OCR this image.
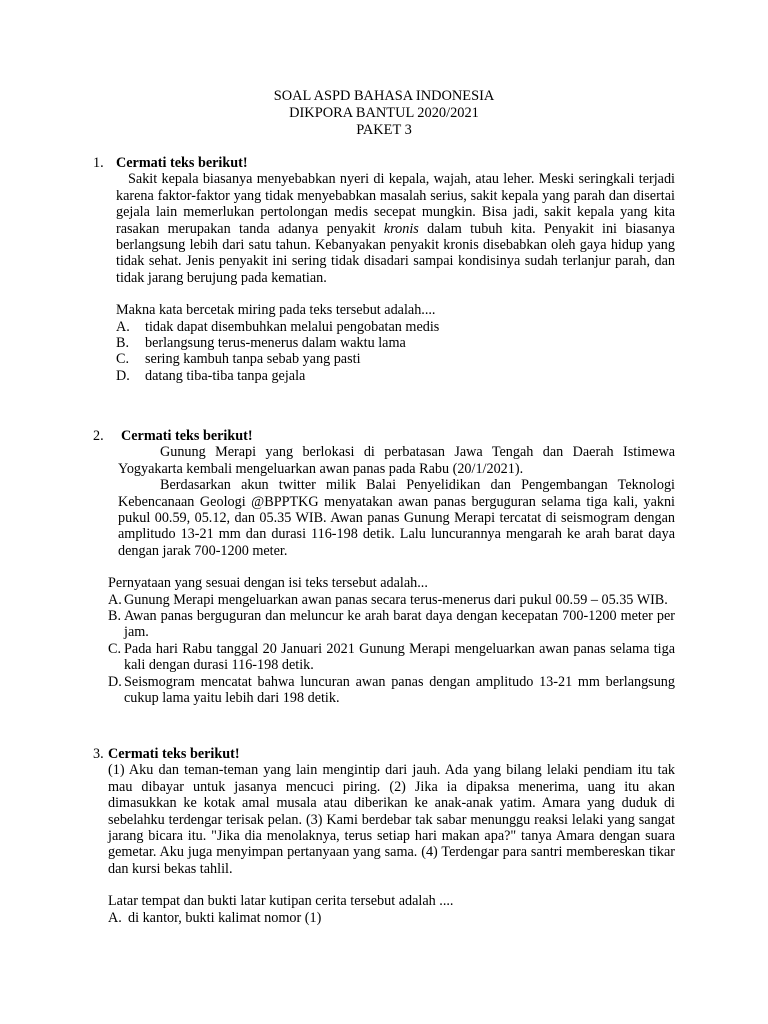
SOAL ASPD BAHASA INDONESIA
DIKPORA BANTUL 2020/2021
PAKET 3
1. Cermati teks berikut!

Sakit kepala biasanya menyebabkan nyeri di kepala, wajah, atau leher. Meski seringkali terjadi karena faktor-faktor yang tidak menyebabkan masalah serius, sakit kepala yang parah dan disertai gejala lain memerlukan pertolongan medis secepat mungkin. Bisa jadi, sakit kepala yang kita rasakan merupakan tanda adanya penyakit kronis dalam tubuh kita. Penyakit ini biasanya berlangsung lebih dari satu tahun. Kebanyakan penyakit kronis disebabkan oleh gaya hidup yang tidak sehat. Jenis penyakit ini sering tidak disadari sampai kondisinya sudah terlanjur parah, dan tidak jarang berujung pada kematian.

Makna kata bercetak miring pada teks tersebut adalah....
A.	tidak dapat disembuhkan melalui pengobatan medis
B.	berlangsung terus-menerus dalam waktu lama
C.	sering kambuh tanpa sebab yang pasti
D.	datang tiba-tiba tanpa gejala
2. Cermati teks berikut!

Gunung Merapi yang berlokasi di perbatasan Jawa Tengah dan Daerah Istimewa Yogyakarta kembali mengeluarkan awan panas pada Rabu (20/1/2021).

Berdasarkan akun twitter milik Balai Penyelidikan dan Pengembangan Teknologi Kebencanaan Geologi @BPPTKG menyatakan awan panas berguguran selama tiga kali, yakni pukul 00.59, 05.12, dan 05.35 WIB. Awan panas Gunung Merapi tercatat di seismogram dengan amplitudo 13-21 mm dan durasi 116-198 detik. Lalu luncurannya mengarah ke arah barat daya dengan jarak 700-1200 meter.

Pernyataan yang sesuai dengan isi teks tersebut adalah...
A. Gunung Merapi mengeluarkan awan panas secara terus-menerus dari pukul 00.59 – 05.35 WIB.
B. Awan panas berguguran dan meluncur ke arah barat daya dengan kecepatan 700-1200 meter per jam.
C. Pada hari Rabu tanggal 20 Januari 2021 Gunung Merapi mengeluarkan awan panas selama tiga kali dengan durasi 116-198 detik.
D. Seismogram mencatat bahwa luncuran awan panas dengan amplitudo 13-21 mm berlangsung cukup lama yaitu lebih dari 198 detik.
3. Cermati teks berikut!

(1) Aku dan teman-teman yang lain mengintip dari jauh. Ada yang bilang lelaki pendiam itu tak mau dibayar untuk jasanya mencuci piring. (2) Jika ia dipaksa menerima, uang itu akan dimasukkan ke kotak amal musala atau diberikan ke anak-anak yatim. Amara yang duduk di sebelahku terdengar terisak pelan. (3) Kami berdebar tak sabar menunggu reaksi lelaki yang sangat jarang bicara itu. "Jika dia menolaknya, terus setiap hari makan apa?" tanya Amara dengan suara gemetar. Aku juga menyimpan pertanyaan yang sama. (4) Terdengar para santri membereskan tikar dan kursi bekas tahlil.

Latar tempat dan bukti latar kutipan cerita tersebut adalah ....
A. di kantor, bukti kalimat nomor (1)
